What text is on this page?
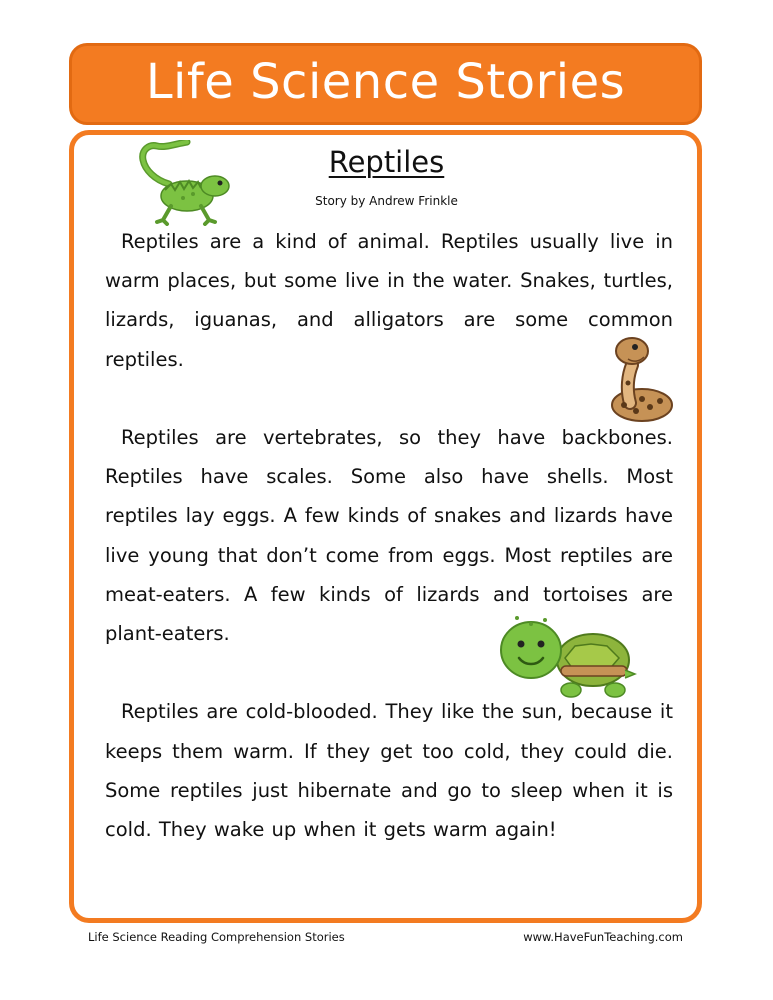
Life Science Stories
Reptiles
Story by Andrew Frinkle

Reptiles are a kind of animal. Reptiles usually live in warm places, but some live in the water. Snakes, turtles, lizards, iguanas, and alligators are some common reptiles.

Reptiles are vertebrates, so they have backbones. Reptiles have scales. Some also have shells. Most reptiles lay eggs. A few kinds of snakes and lizards have live young that don’t come from eggs. Most reptiles are meat-eaters. A few kinds of lizards and tortoises are plant-eaters.

Reptiles are cold-blooded. They like the sun, because it keeps them warm. If they get too cold, they could die. Some reptiles just hibernate and go to sleep when it is cold. They wake up when it gets warm again!

Life Science Reading Comprehension Stories	www.HaveFunTeaching.com
